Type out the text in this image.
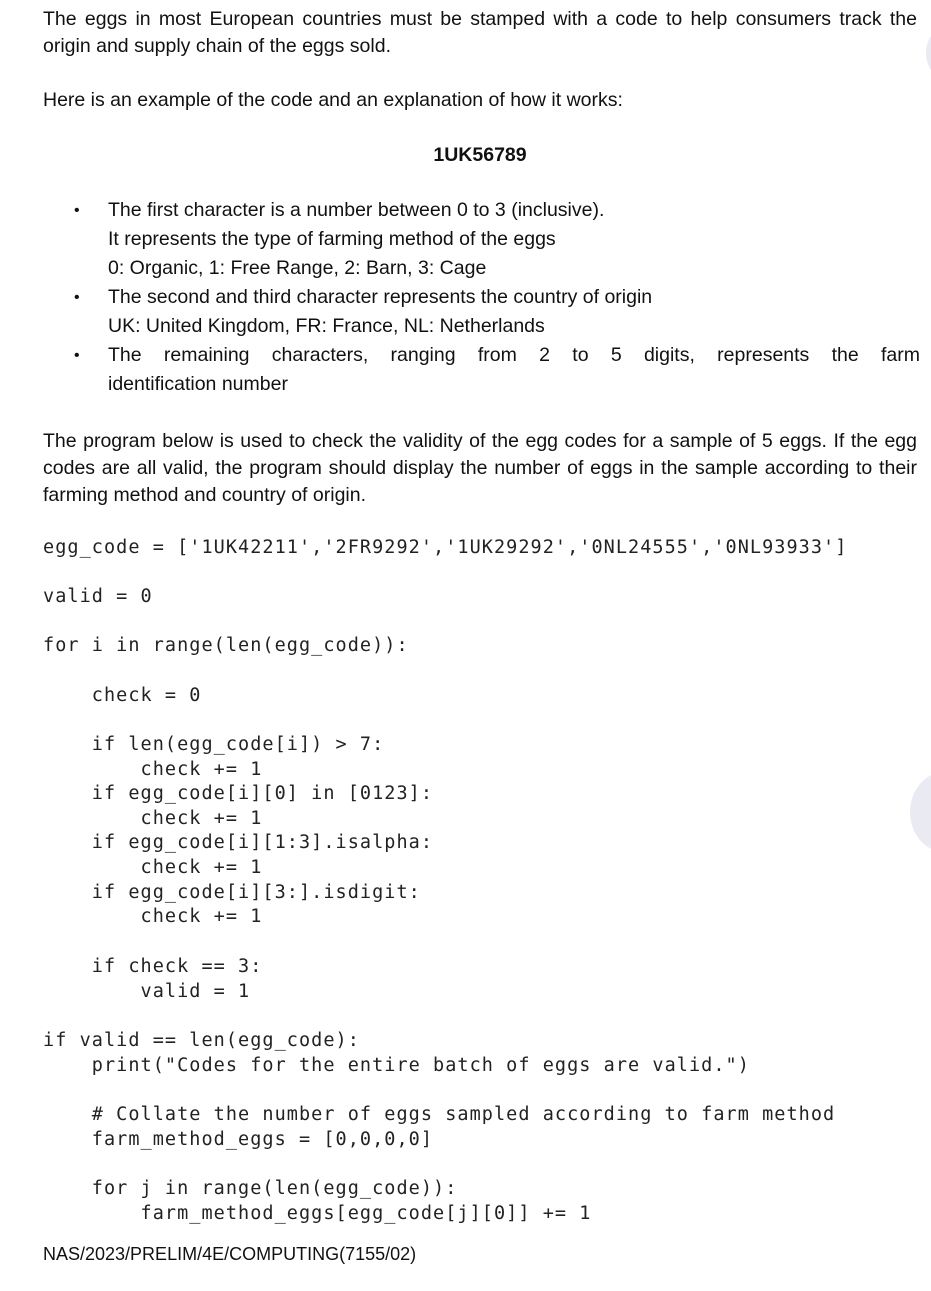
The eggs in most European countries must be stamped with a code to help consumers track the origin and supply chain of the eggs sold.

Here is an example of the code and an explanation of how it works:

1UK56789
• The first character is a number between 0 to 3 (inclusive).
It represents the type of farming method of the eggs
0: Organic, 1: Free Range, 2: Barn, 3: Cage
• The second and third character represents the country of origin
UK: United Kingdom, FR: France, NL: Netherlands
• The remaining characters, ranging from 2 to 5 digits, represents the farm
identification number

The program below is used to check the validity of the egg codes for a sample of 5 eggs. If the egg codes are all valid, the program should display the number of eggs in the sample according to their farming method and country of origin.

egg_code = ['1UK42211','2FR9292','1UK29292','0NL24555','0NL93933']
valid = 0
for i in range(len(egg_code)):
check = 0
if len(egg_code[i]) > 7:
check += 1
if egg_code[i][0] in [0123]:
check += 1
if egg_code[i][1:3].isalpha:
check += 1
if egg_code[i][3:].isdigit:
check += 1
if check == 3:
valid = 1
if valid == len(egg_code):
print("Codes for the entire batch of eggs are valid.")
# Collate the number of eggs sampled according to farm method
farm_method_eggs = [0,0,0,0]
for j in range(len(egg_code)):
farm_method_eggs[egg_code[j][0]] += 1
NAS/2023/PRELIM/4E/COMPUTING(7155/02)
